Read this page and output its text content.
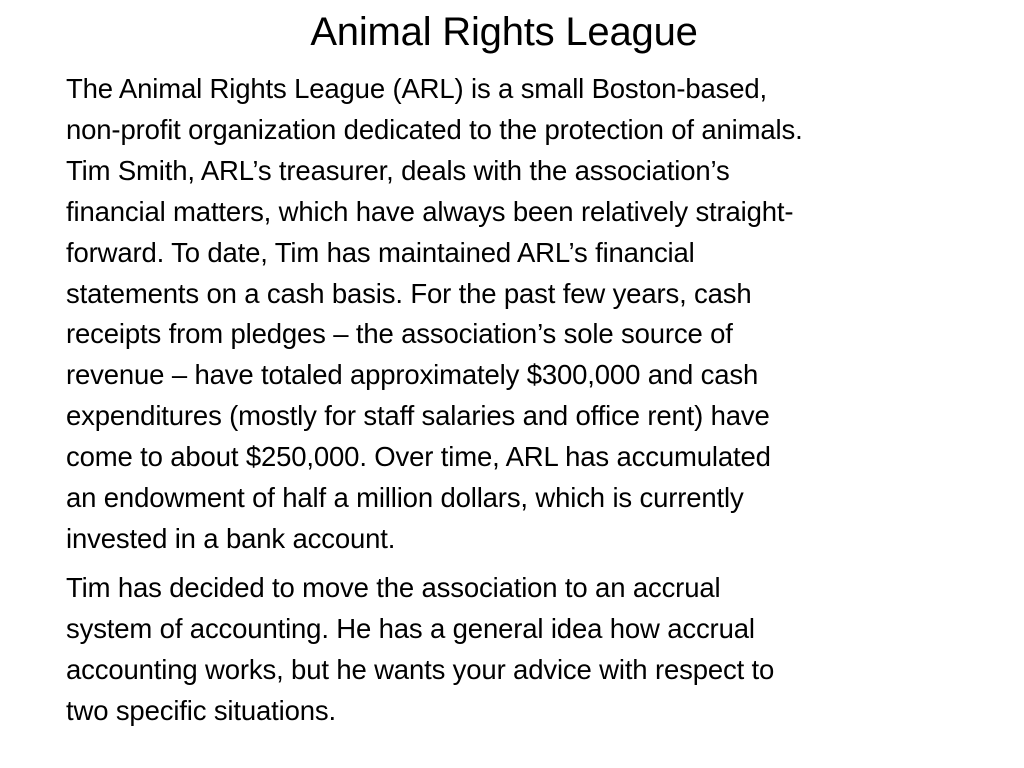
Animal Rights League

The Animal Rights League (ARL) is a small Boston-based,
non-profit organization dedicated to the protection of animals.
Tim Smith, ARL’s treasurer, deals with the association’s
financial matters, which have always been relatively straight-
forward. To date, Tim has maintained ARL’s financial
statements on a cash basis. For the past few years, cash
receipts from pledges – the association’s sole source of
revenue – have totaled approximately $300,000 and cash
expenditures (mostly for staff salaries and office rent) have
come to about $250,000. Over time, ARL has accumulated
an endowment of half a million dollars, which is currently
invested in a bank account.

Tim has decided to move the association to an accrual
system of accounting. He has a general idea how accrual
accounting works, but he wants your advice with respect to
two specific situations.
